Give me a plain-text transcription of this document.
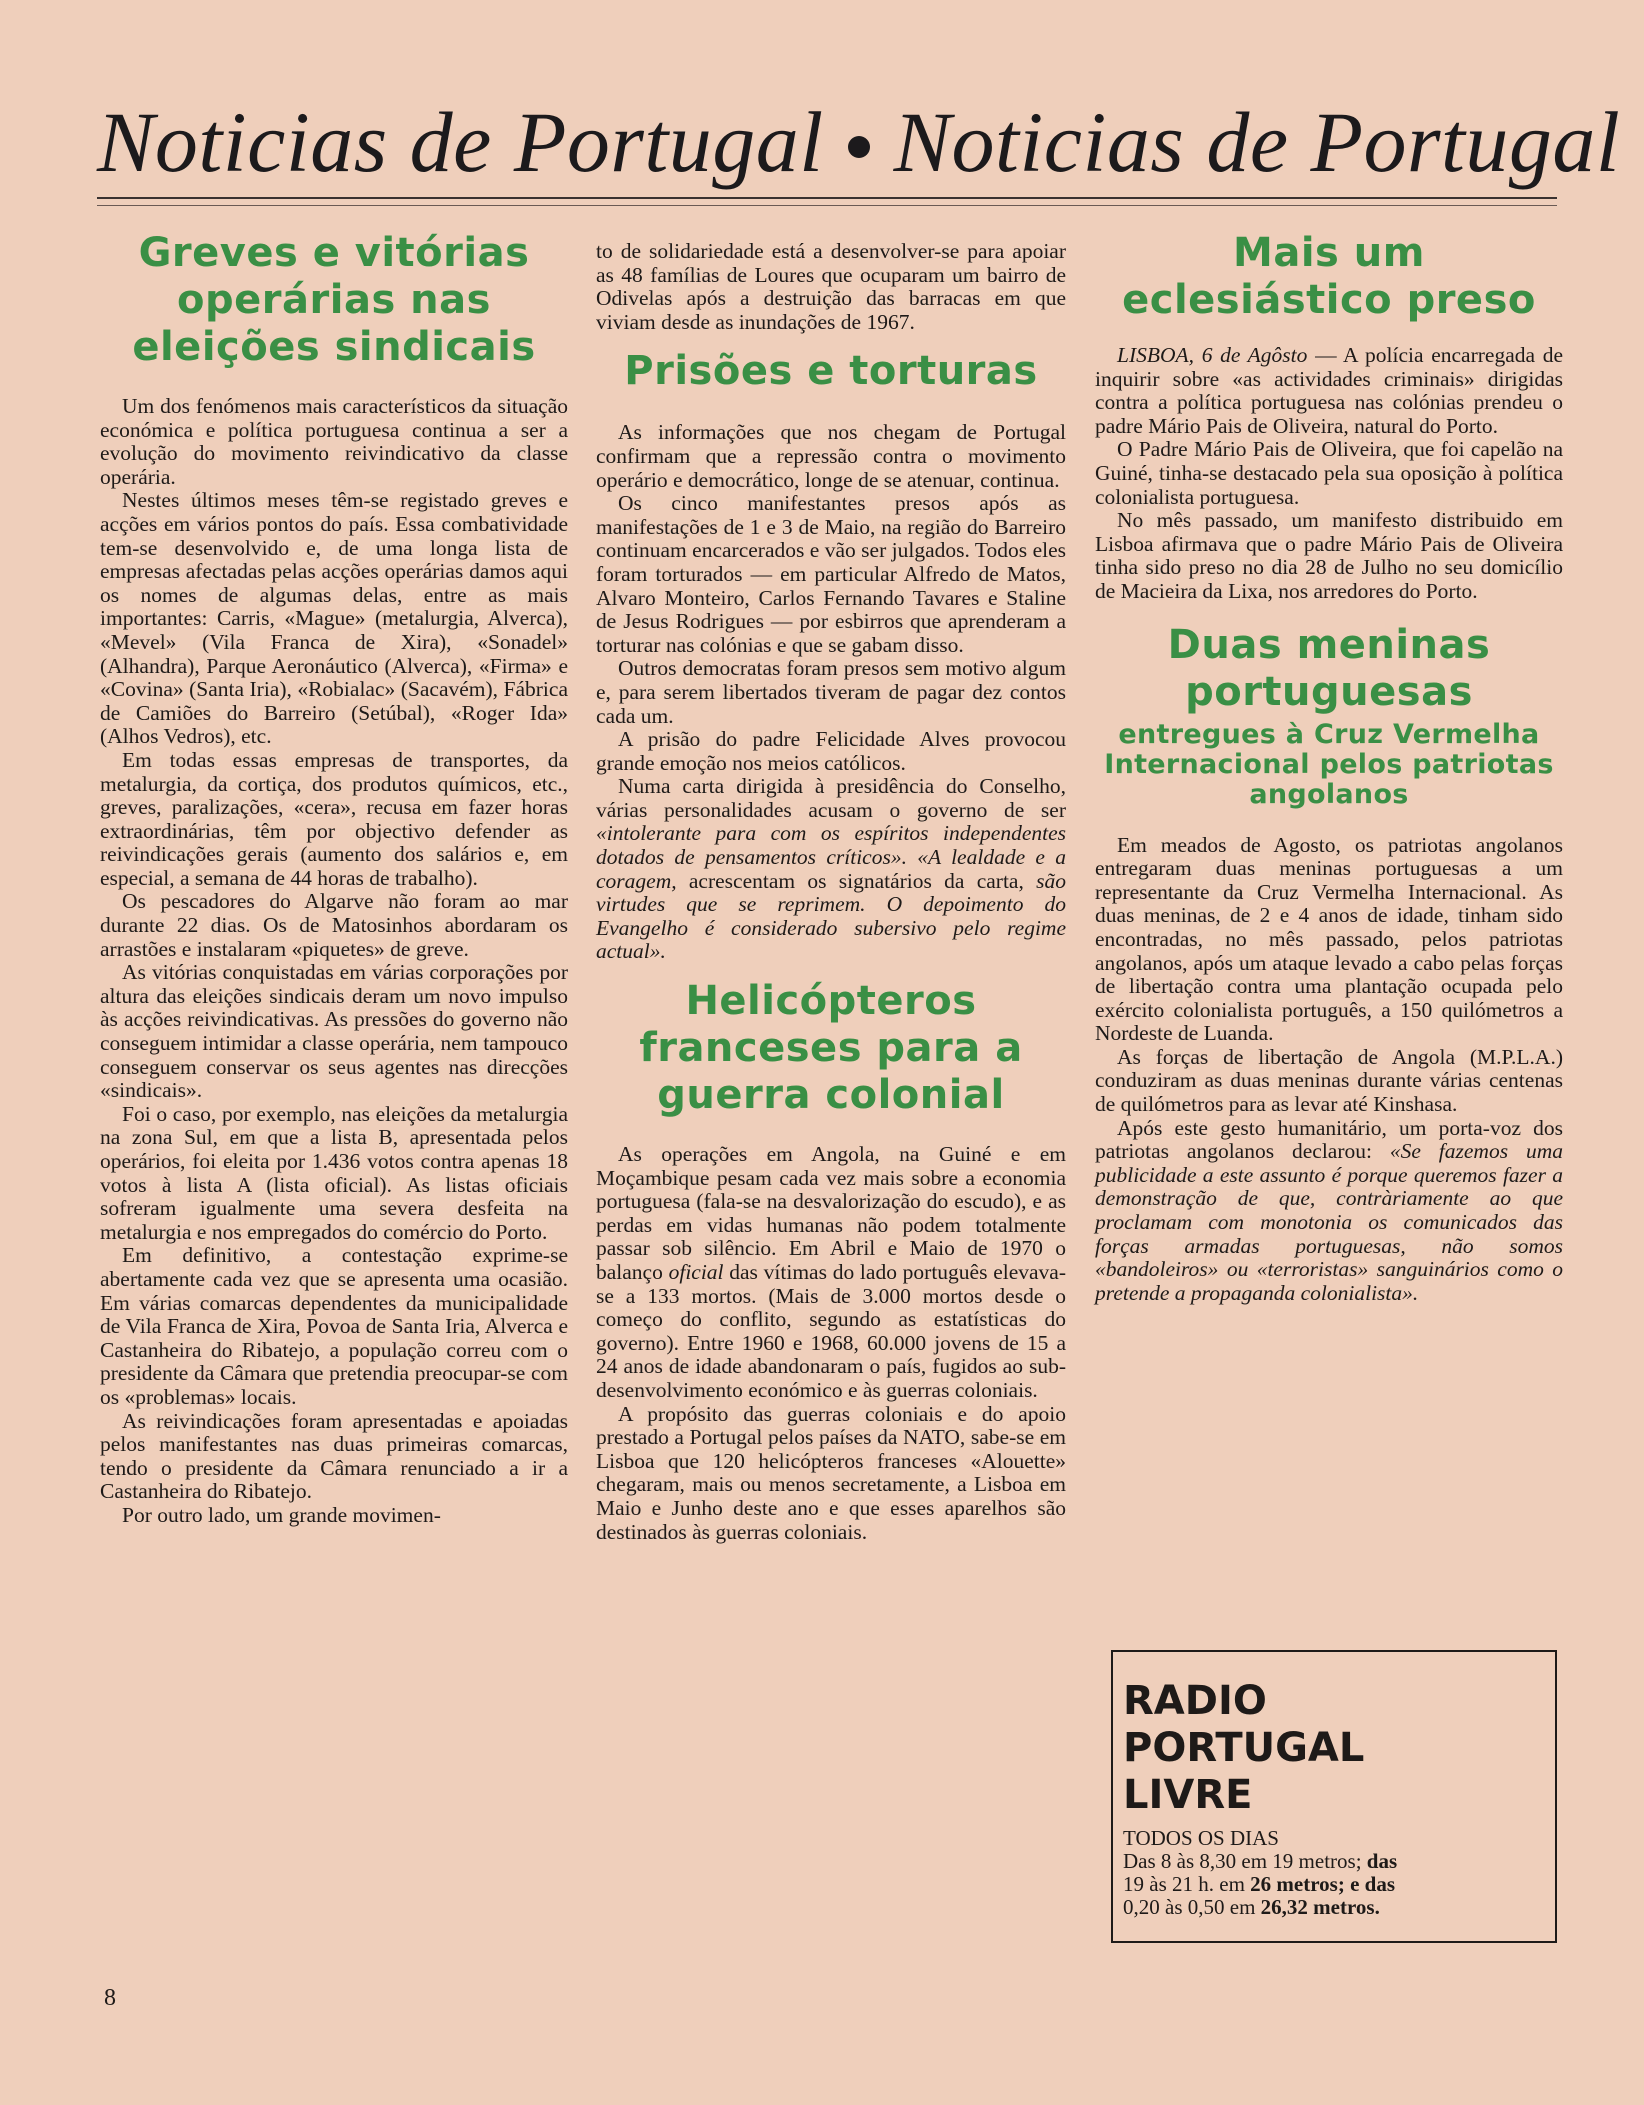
Noticias de Portugal Noticias de Portugal
Greves e vitórias operárias nas eleições sindicais

Um dos fenómenos mais característicos da situação económica e política portuguesa continua a ser a evolução do movimento reivindicativo da classe operária.

Nestes últimos meses têm-se registado greves e acções em vários pontos do país. Essa combatividade tem-se desenvolvido e, de uma longa lista de empresas afectadas pelas acções operárias damos aqui os nomes de algumas delas, entre as mais importantes: Carris, «Mague» (metalurgia, Alverca), «Mevel» (Vila Franca de Xira), «Sonadel» (Alhandra), Parque Aeronáutico (Alverca), «Firma» e «Covina» (Santa Iria), «Robialac» (Sacavém), Fábrica de Camiões do Barreiro (Setúbal), «Roger Ida» (Alhos Vedros), etc.

Em todas essas empresas de transportes, da metalurgia, da cortiça, dos produtos químicos, etc., greves, paralizações, «cera», recusa em fazer horas extraordinárias, têm por objectivo defender as reivindicações gerais (aumento dos salários e, em especial, a semana de 44 horas de trabalho).

Os pescadores do Algarve não foram ao mar durante 22 dias. Os de Matosinhos abordaram os arrastões e instalaram «piquetes» de greve.

As vitórias conquistadas em várias corporações por altura das eleições sindicais deram um novo impulso às acções reivindicativas. As pressões do governo não conseguem intimidar a classe operária, nem tampouco conseguem conservar os seus agentes nas direcções «sindicais».

Foi o caso, por exemplo, nas eleições da metalurgia na zona Sul, em que a lista B, apresentada pelos operários, foi eleita por 1.436 votos contra apenas 18 votos à lista A (lista oficial). As listas oficiais sofreram igualmente uma severa desfeita na metalurgia e nos empregados do comércio do Porto.

Em definitivo, a contestação exprime-se abertamente cada vez que se apresenta uma ocasião. Em várias comarcas dependentes da municipalidade de Vila Franca de Xira, Povoa de Santa Iria, Alverca e Castanheira do Ribatejo, a população correu com o presidente da Câmara que pretendia preocupar-se com os «problemas» locais.

As reivindicações foram apresentadas e apoiadas pelos manifestantes nas duas primeiras comarcas, tendo o presidente da Câmara renunciado a ir a Castanheira do Ribatejo.

Por outro lado, um grande movimen-

to de solidariedade está a desenvolver-se para apoiar as 48 famílias de Loures que ocuparam um bairro de Odivelas após a destruição das barracas em que viviam desde as inundações de 1967.

Prisões e torturas

As informações que nos chegam de Portugal confirmam que a repressão contra o movimento operário e democrático, longe de se atenuar, continua.

Os cinco manifestantes presos após as manifestações de 1 e 3 de Maio, na região do Barreiro continuam encarcerados e vão ser julgados. Todos eles foram torturados — em particular Alfredo de Matos, Alvaro Monteiro, Carlos Fernando Tavares e Staline de Jesus Rodrigues — por esbirros que aprenderam a torturar nas colónias e que se gabam disso.

Outros democratas foram presos sem motivo algum e, para serem libertados tiveram de pagar dez contos cada um.

A prisão do padre Felicidade Alves provocou grande emoção nos meios católicos.

Numa carta dirigida à presidência do Conselho, várias personalidades acusam o governo de ser «intolerante para com os espíritos independentes dotados de pensamentos críticos». «A lealdade e a coragem, acrescentam os signatários da carta, são virtudes que se reprimem. O depoimento do Evangelho é considerado subersivo pelo regime actual».

Helicópteros franceses para a guerra colonial

As operações em Angola, na Guiné e em Moçambique pesam cada vez mais sobre a economia portuguesa (fala-se na desvalorização do escudo), e as perdas em vidas humanas não podem totalmente passar sob silêncio. Em Abril e Maio de 1970 o balanço oficial das vítimas do lado português elevava-se a 133 mortos. (Mais de 3.000 mortos desde o começo do conflito, segundo as estatísticas do governo). Entre 1960 e 1968, 60.000 jovens de 15 a 24 anos de idade abandonaram o país, fugidos ao sub-desenvolvimento económico e às guerras coloniais.

A propósito das guerras coloniais e do apoio prestado a Portugal pelos países da NATO, sabe-se em Lisboa que 120 helicópteros franceses «Alouette» chegaram, mais ou menos secretamente, a Lisboa em Maio e Junho deste ano e que esses aparelhos são destinados às guerras coloniais.

Mais um eclesiástico preso

LISBOA, 6 de Agôsto — A polícia encarregada de inquirir sobre «as actividades criminais» dirigidas contra a política portuguesa nas colónias prendeu o padre Mário Pais de Oliveira, natural do Porto.

O Padre Mário Pais de Oliveira, que foi capelão na Guiné, tinha-se destacado pela sua oposição à política colonialista portuguesa.

No mês passado, um manifesto distribuido em Lisboa afirmava que o padre Mário Pais de Oliveira tinha sido preso no dia 28 de Julho no seu domicílio de Macieira da Lixa, nos arredores do Porto.

Duas meninas portuguesas
entregues à Cruz Vermelha Internacional pelos patriotas angolanos

Em meados de Agosto, os patriotas angolanos entregaram duas meninas portuguesas a um representante da Cruz Vermelha Internacional. As duas meninas, de 2 e 4 anos de idade, tinham sido encontradas, no mês passado, pelos patriotas angolanos, após um ataque levado a cabo pelas forças de libertação contra uma plantação ocupada pelo exército colonialista português, a 150 quilómetros a Nordeste de Luanda.

As forças de libertação de Angola (M.P.L.A.) conduziram as duas meninas durante várias centenas de quilómetros para as levar até Kinshasa.

Após este gesto humanitário, um porta-voz dos patriotas angolanos declarou: «Se fazemos uma publicidade a este assunto é porque queremos fazer a demonstração de que, contràriamente ao que proclamam com monotonia os comunicados das forças armadas portuguesas, não somos «bandoleiros» ou «terroristas» sanguinários como o pretende a propaganda colonialista».

RADIO
PORTUGAL
LIVRE
TODOS OS DIAS
Das 8 às 8,30 em 19 metros; das
19 às 21 h. em 26 metros; e das
0,20 às 0,50 em 26,32 metros.
8
